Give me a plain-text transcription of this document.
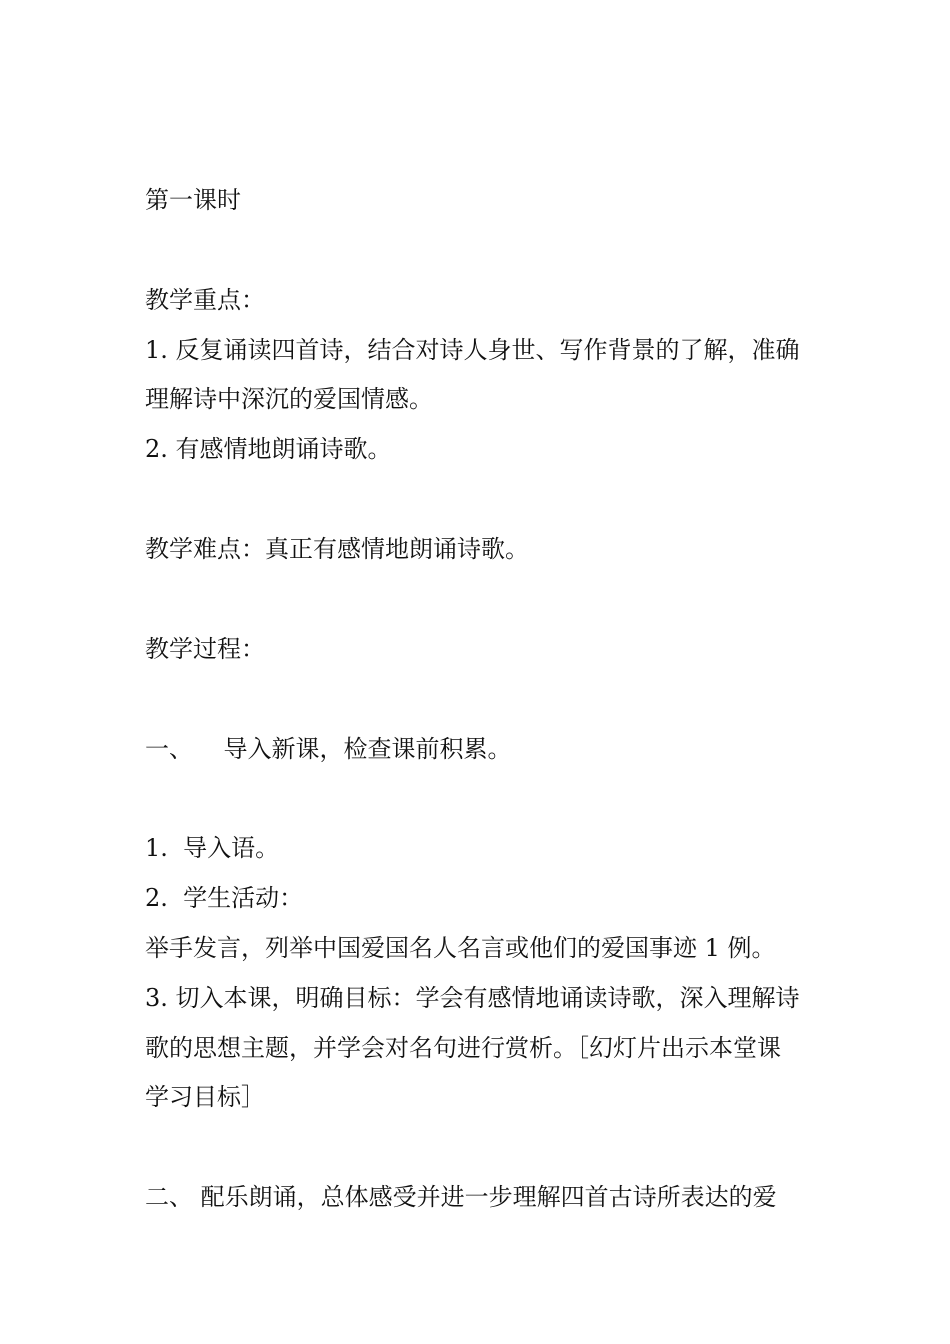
第一课时
教学重点：
1. 反复诵读四首诗，结合对诗人身世、写作背景的了解，准确
理解诗中深沉的爱国情感。
2. 有感情地朗诵诗歌。
教学难点：真正有感情地朗诵诗歌。
教学过程：
一、    导入新课，检查课前积累。
1.  导入语。
2.  学生活动：
举手发言，列举中国爱国名人名言或他们的爱国事迹 1 例。
3. 切入本课，明确目标：学会有感情地诵读诗歌，深入理解诗
歌的思想主题，并学会对名句进行赏析。［幻灯片出示本堂课
学习目标］
二、 配乐朗诵，总体感受并进一步理解四首古诗所表达的爱
